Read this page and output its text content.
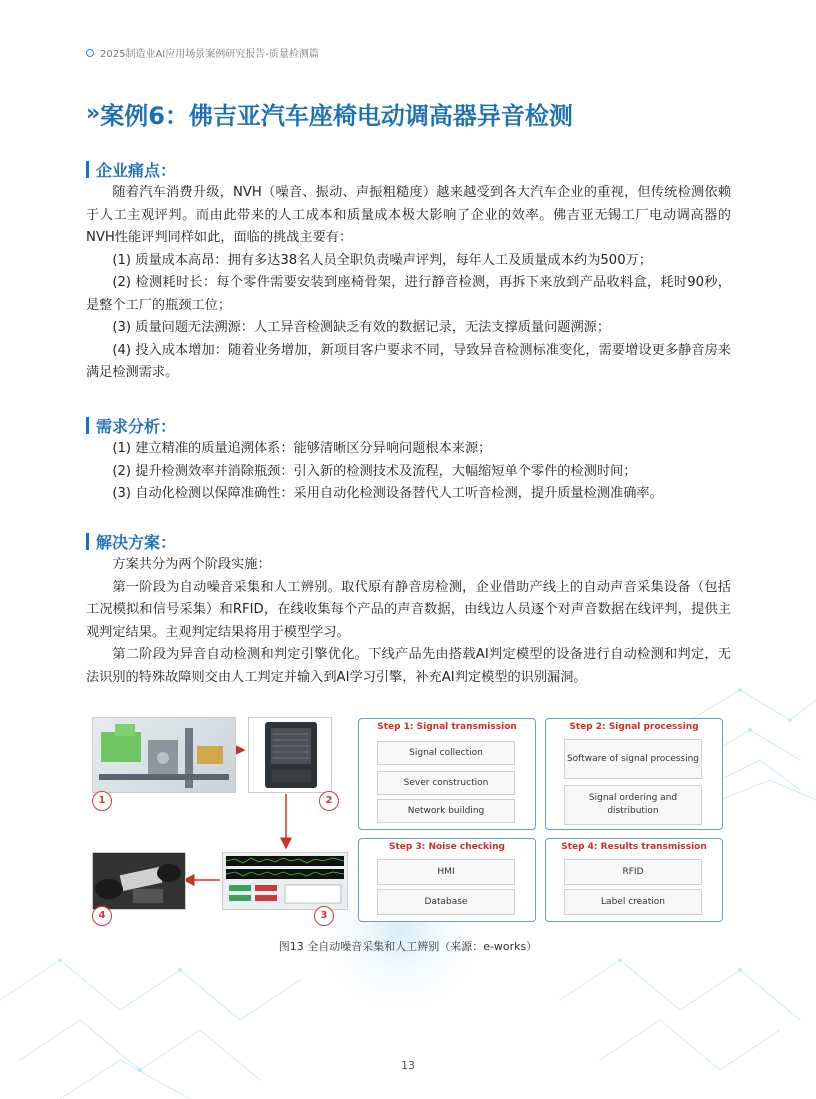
2025制造业AI应用场景案例研究报告-质量检测篇
» 案例6：佛吉亚汽车座椅电动调高器异音检测
企业痛点：

随着汽车消费升级，NVH（噪音、振动、声振粗糙度）越来越受到各大汽车企业的重视，但传统检测依赖于人工主观评判。而由此带来的人工成本和质量成本极大影响了企业的效率。佛吉亚无锡工厂电动调高器的NVH性能评判同样如此，面临的挑战主要有：

(1) 质量成本高昂：拥有多达38名人员全职负责噪声评判，每年人工及质量成本约为500万；

(2) 检测耗时长：每个零件需要安装到座椅骨架，进行静音检测，再拆下来放到产品收料盒，耗时90秒，是整个工厂的瓶颈工位；

(3) 质量问题无法溯源：人工异音检测缺乏有效的数据记录，无法支撑质量问题溯源；

(4) 投入成本增加：随着业务增加，新项目客户要求不同，导致异音检测标准变化，需要增设更多静音房来满足检测需求。

需求分析：

(1) 建立精准的质量追溯体系：能够清晰区分异响问题根本来源；

(2) 提升检测效率并消除瓶颈：引入新的检测技术及流程，大幅缩短单个零件的检测时间；

(3) 自动化检测以保障准确性：采用自动化检测设备替代人工听音检测，提升质量检测准确率。

解决方案：

方案共分为两个阶段实施：

第一阶段为自动噪音采集和人工辨别。取代原有静音房检测，企业借助产线上的自动声音采集设备（包括工况模拟和信号采集）和RFID，在线收集每个产品的声音数据，由线边人员逐个对声音数据在线评判，提供主观判定结果。主观判定结果将用于模型学习。

第二阶段为异音自动检测和判定引擎优化。下线产品先由搭载AI判定模型的设备进行自动检测和判定，无法识别的特殊故障则交由人工判定并输入到AI学习引擎，补充AI判定模型的识别漏洞。

1	2
3
4
Step 1: Signal transmission
Signal collection
Sever construction
Network building
Step 2: Signal processing
Software of signal processing
Signal ordering and distribution
Step 3: Noise checking
HMI
Database
Step 4: Results transmission
RFID
Label creation
图13 全自动噪音采集和人工辨别（来源：e-works）
13
